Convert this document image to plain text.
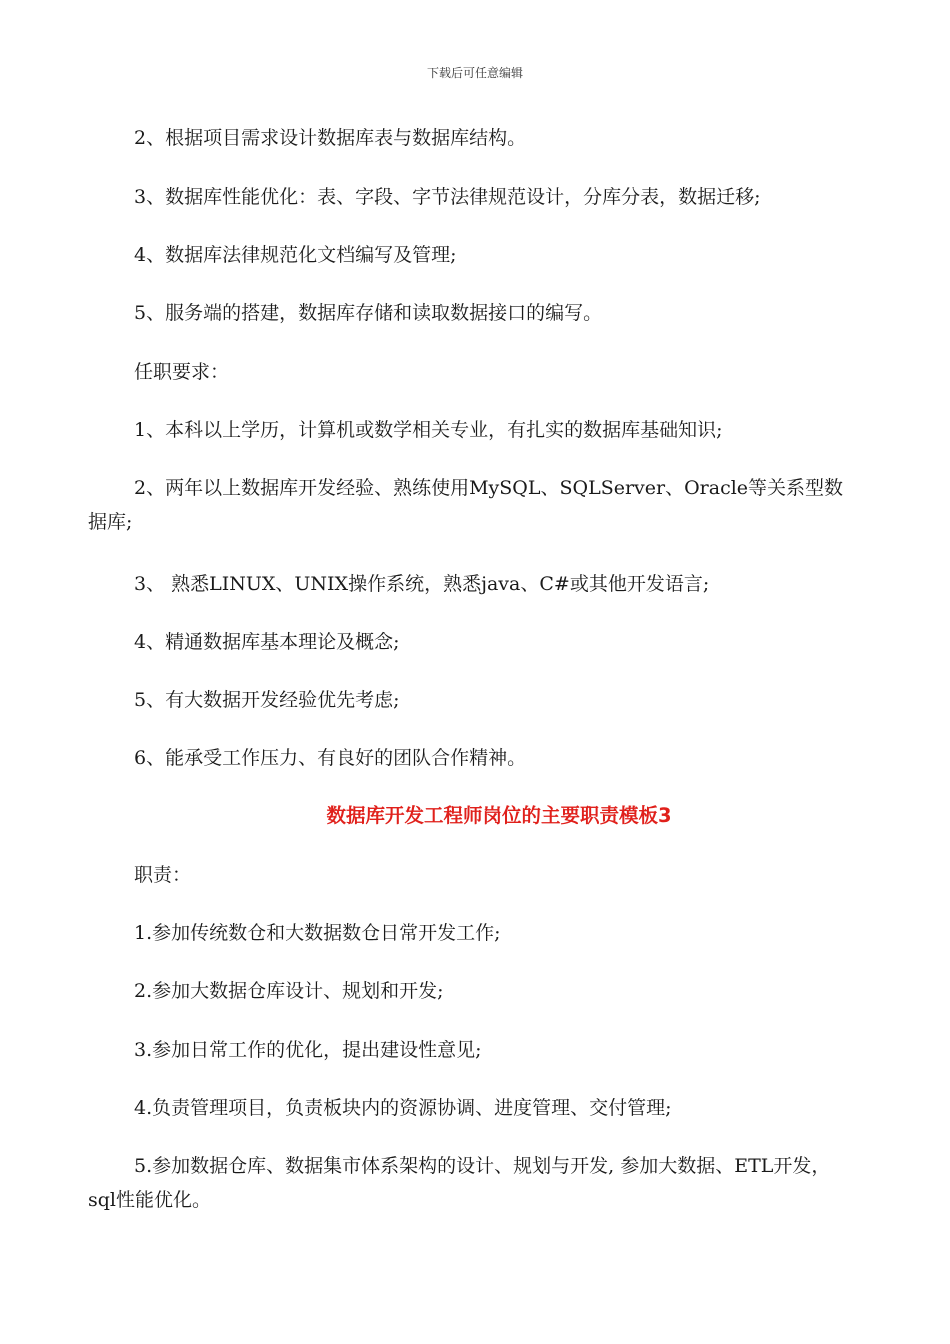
下载后可任意编辑
2、根据项目需求设计数据库表与数据库结构。
3、数据库性能优化：表、字段、字节法律规范设计，分库分表，数据迁移;
4、数据库法律规范化文档编写及管理;
5、服务端的搭建，数据库存储和读取数据接口的编写。
任职要求：
1、本科以上学历，计算机或数学相关专业，有扎实的数据库基础知识;
2、两年以上数据库开发经验、熟练使用MySQL、SQLServer、Oracle等关系型数据库;
3、 熟悉LINUX、UNIX操作系统，熟悉java、C#或其他开发语言;
4、精通数据库基本理论及概念;
5、有大数据开发经验优先考虑;
6、能承受工作压力、有良好的团队合作精神。
数据库开发工程师岗位的主要职责模板3
职责：
1.参加传统数仓和大数据数仓日常开发工作;
2.参加大数据仓库设计、规划和开发;
3.参加日常工作的优化，提出建设性意见;
4.负责管理项目，负责板块内的资源协调、进度管理、交付管理;
5.参加数据仓库、数据集市体系架构的设计、规划与开发, 参加大数据、ETL开发，sql性能优化。
